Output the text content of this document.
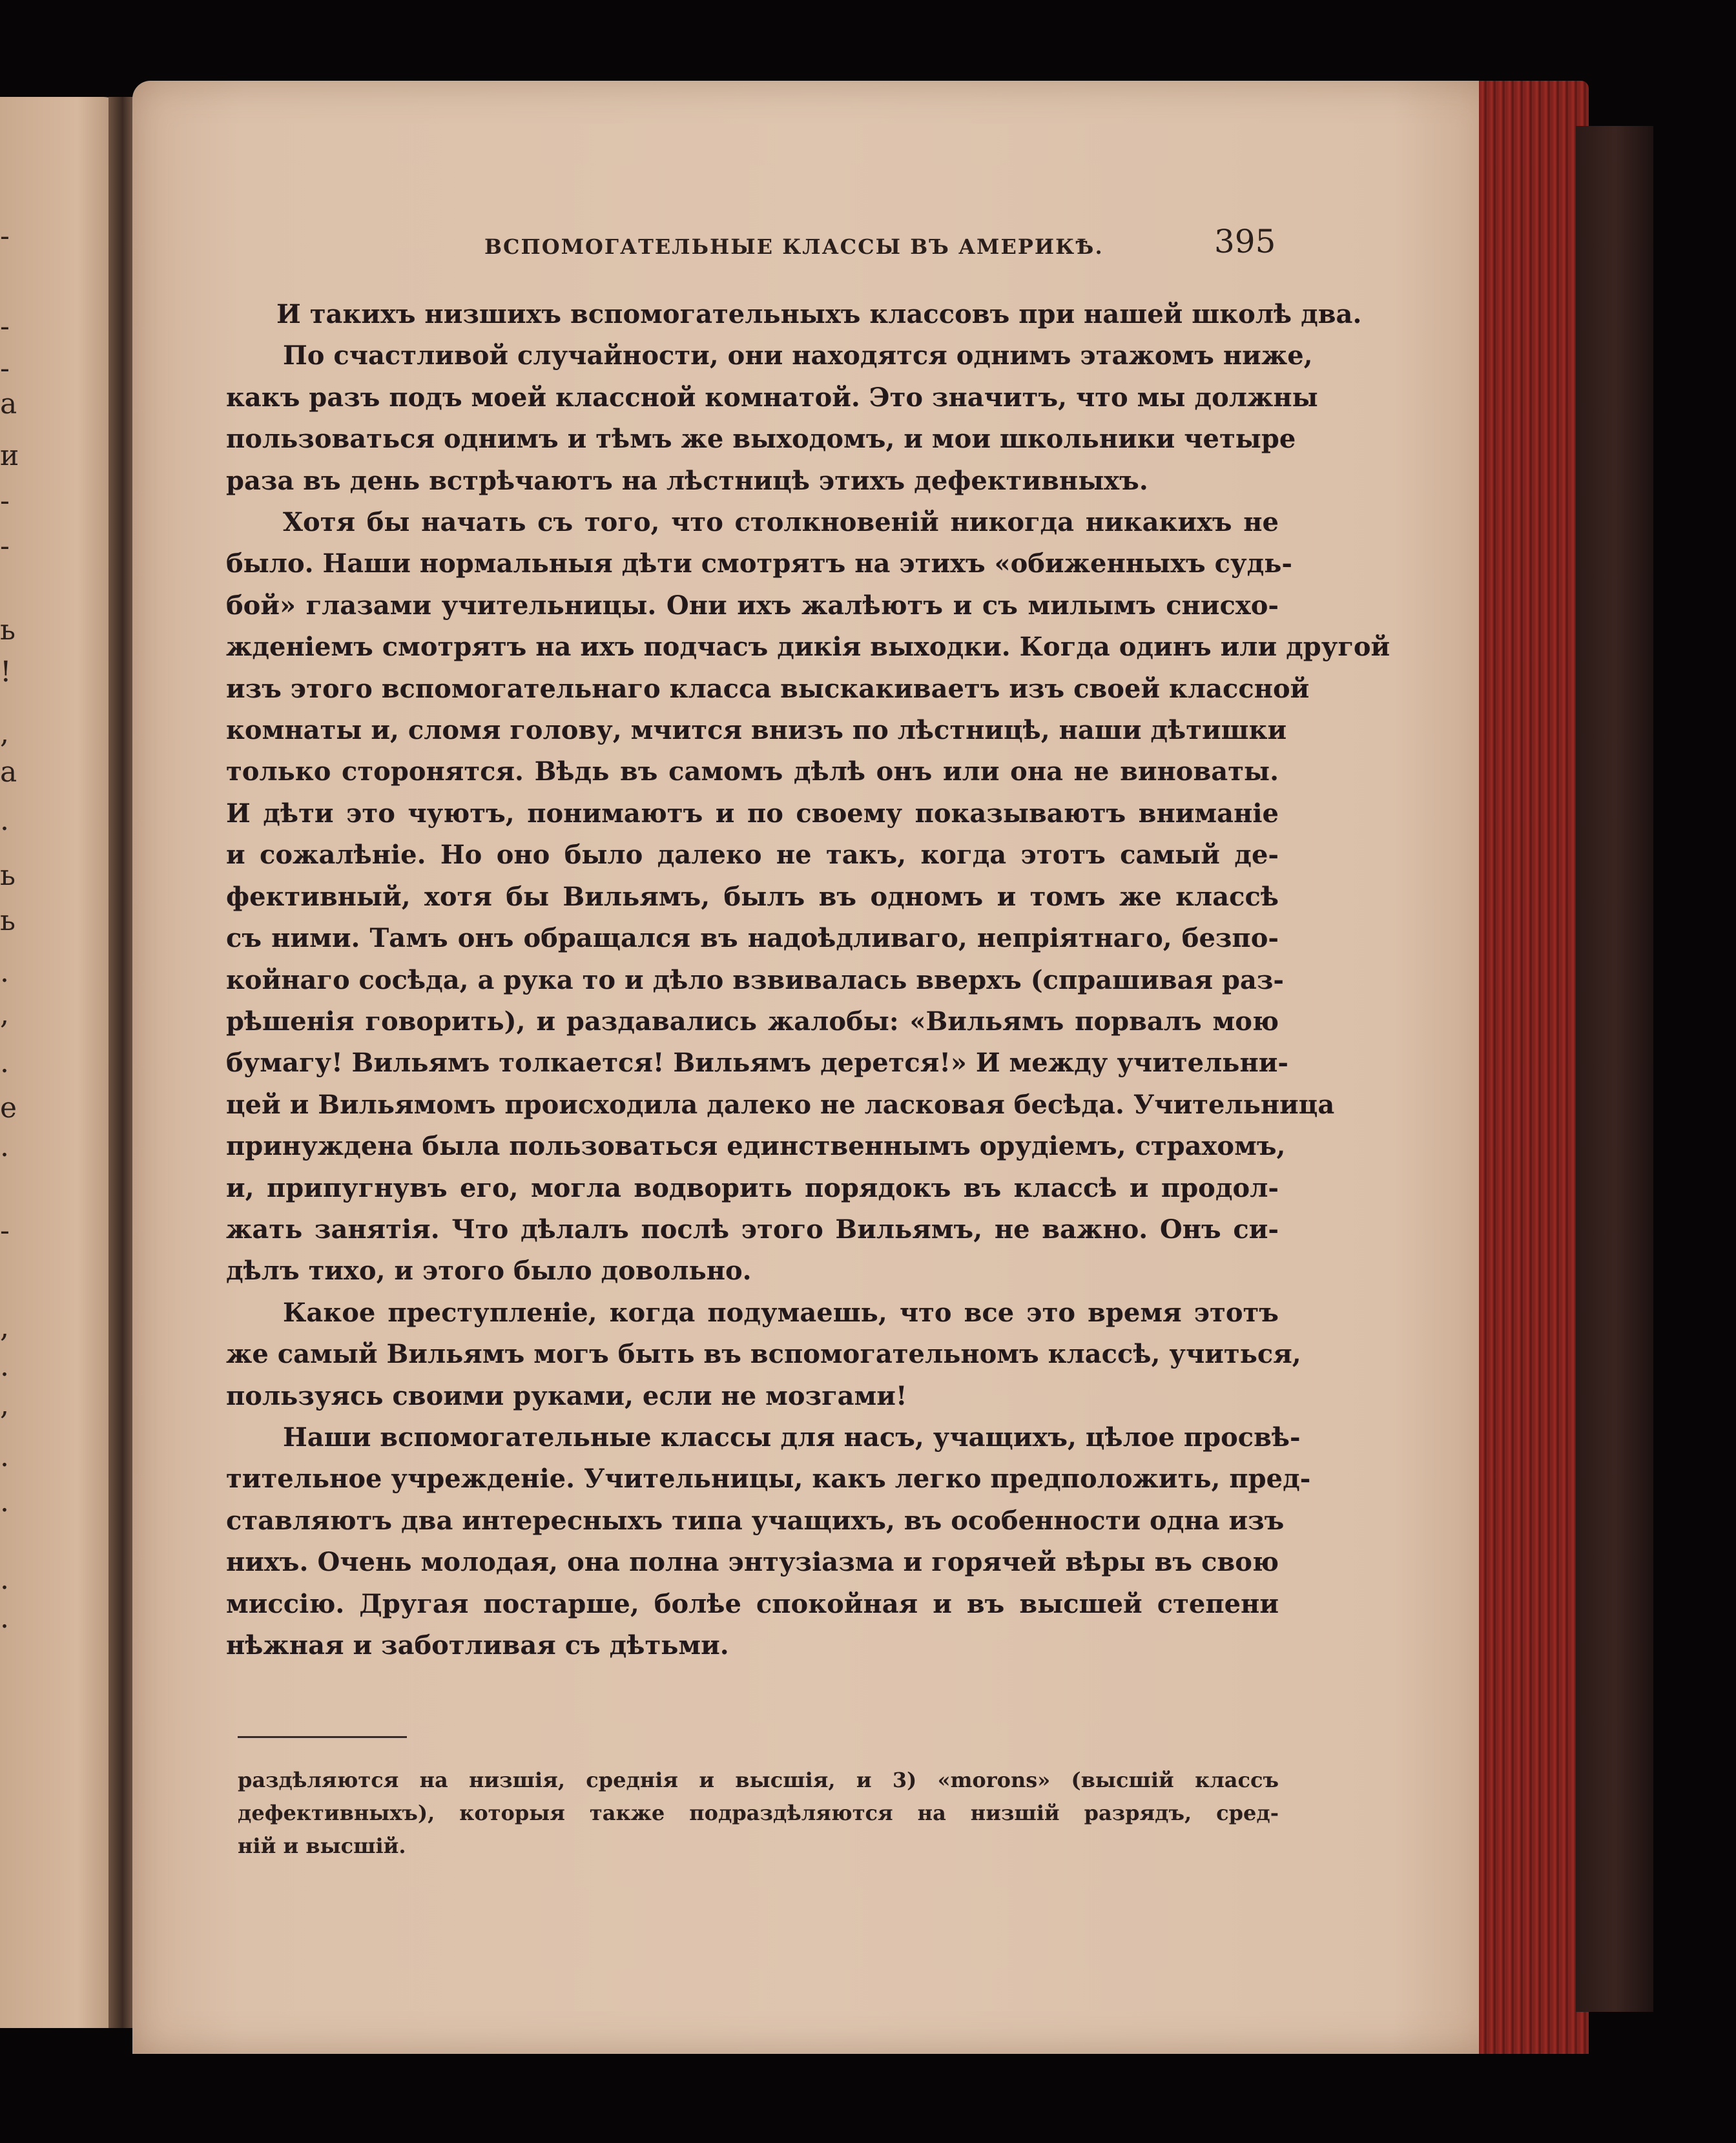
-
-
-
а
и
-
-
ь
!
,
а
.
ь
ь
.
,
.
е
.
-
,
.
,
.
.
.
.
ВСПОМОГАТЕЛЬНЫЕ КЛАССЫ ВЪ АМЕРИКѢ.	395
И такихъ низшихъ вспомогательныхъ классовъ при нашей школѣ два.
По счастливой случайности, они находятся однимъ этажомъ ниже,
какъ разъ подъ моей классной комнатой. Это значитъ, что мы должны
пользоваться однимъ и тѣмъ же выходомъ, и мои школьники четыре
раза въ день встрѣчаютъ на лѣстницѣ этихъ дефективныхъ.
Хотя бы начать съ того, что столкновеній никогда никакихъ не
было. Наши нормальныя дѣти смотрятъ на этихъ «обиженныхъ судь-
бой» глазами учительницы. Они ихъ жалѣютъ и съ милымъ снисхо-
жденіемъ смотрятъ на ихъ подчасъ дикія выходки. Когда одинъ или другой
изъ этого вспомогательнаго класса выскакиваетъ изъ своей классной
комнаты и, сломя голову, мчится внизъ по лѣстницѣ, наши дѣтишки
только сторонятся. Вѣдь въ самомъ дѣлѣ онъ или она не виноваты.
И дѣти это чуютъ, понимаютъ и по своему показываютъ вниманіе
и сожалѣніе. Но оно было далеко не такъ, когда этотъ самый де-
фективный, хотя бы Вильямъ, былъ въ одномъ и томъ же классѣ
съ ними. Тамъ онъ обращался въ надоѣдливаго, непріятнаго, безпо-
койнаго сосѣда, а рука то и дѣло взвивалась вверхъ (спрашивая раз-
рѣшенія говорить), и раздавались жалобы: «Вильямъ порвалъ мою
бумагу! Вильямъ толкается! Вильямъ дерется!» И между учительни-
цей и Вильямомъ происходила далеко не ласковая бесѣда. Учительница
принуждена была пользоваться единственнымъ орудіемъ, страхомъ,
и, припугнувъ его, могла водворить порядокъ въ классѣ и продол-
жать занятія. Что дѣлалъ послѣ этого Вильямъ, не важно. Онъ си-
дѣлъ тихо, и этого было довольно.
Какое преступленіе, когда подумаешь, что все это время этотъ
же самый Вильямъ могъ быть въ вспомогательномъ классѣ, учиться,
пользуясь своими руками, если не мозгами!
Наши вспомогательные классы для насъ, учащихъ, цѣлое просвѣ-
тительное учрежденіе. Учительницы, какъ легко предположить, пред-
ставляютъ два интересныхъ типа учащихъ, въ особенности одна изъ
нихъ. Очень молодая, она полна энтузіазма и горячей вѣры въ свою
миссію. Другая постарше, болѣе спокойная и въ высшей степени
нѣжная и заботливая съ дѣтьми.
раздѣляются на низшія, среднія и высшія, и 3) «morons» (высшій классъ
дефективныхъ), которыя также подраздѣляются на низшій разрядъ, сред-
ній и высшій.
